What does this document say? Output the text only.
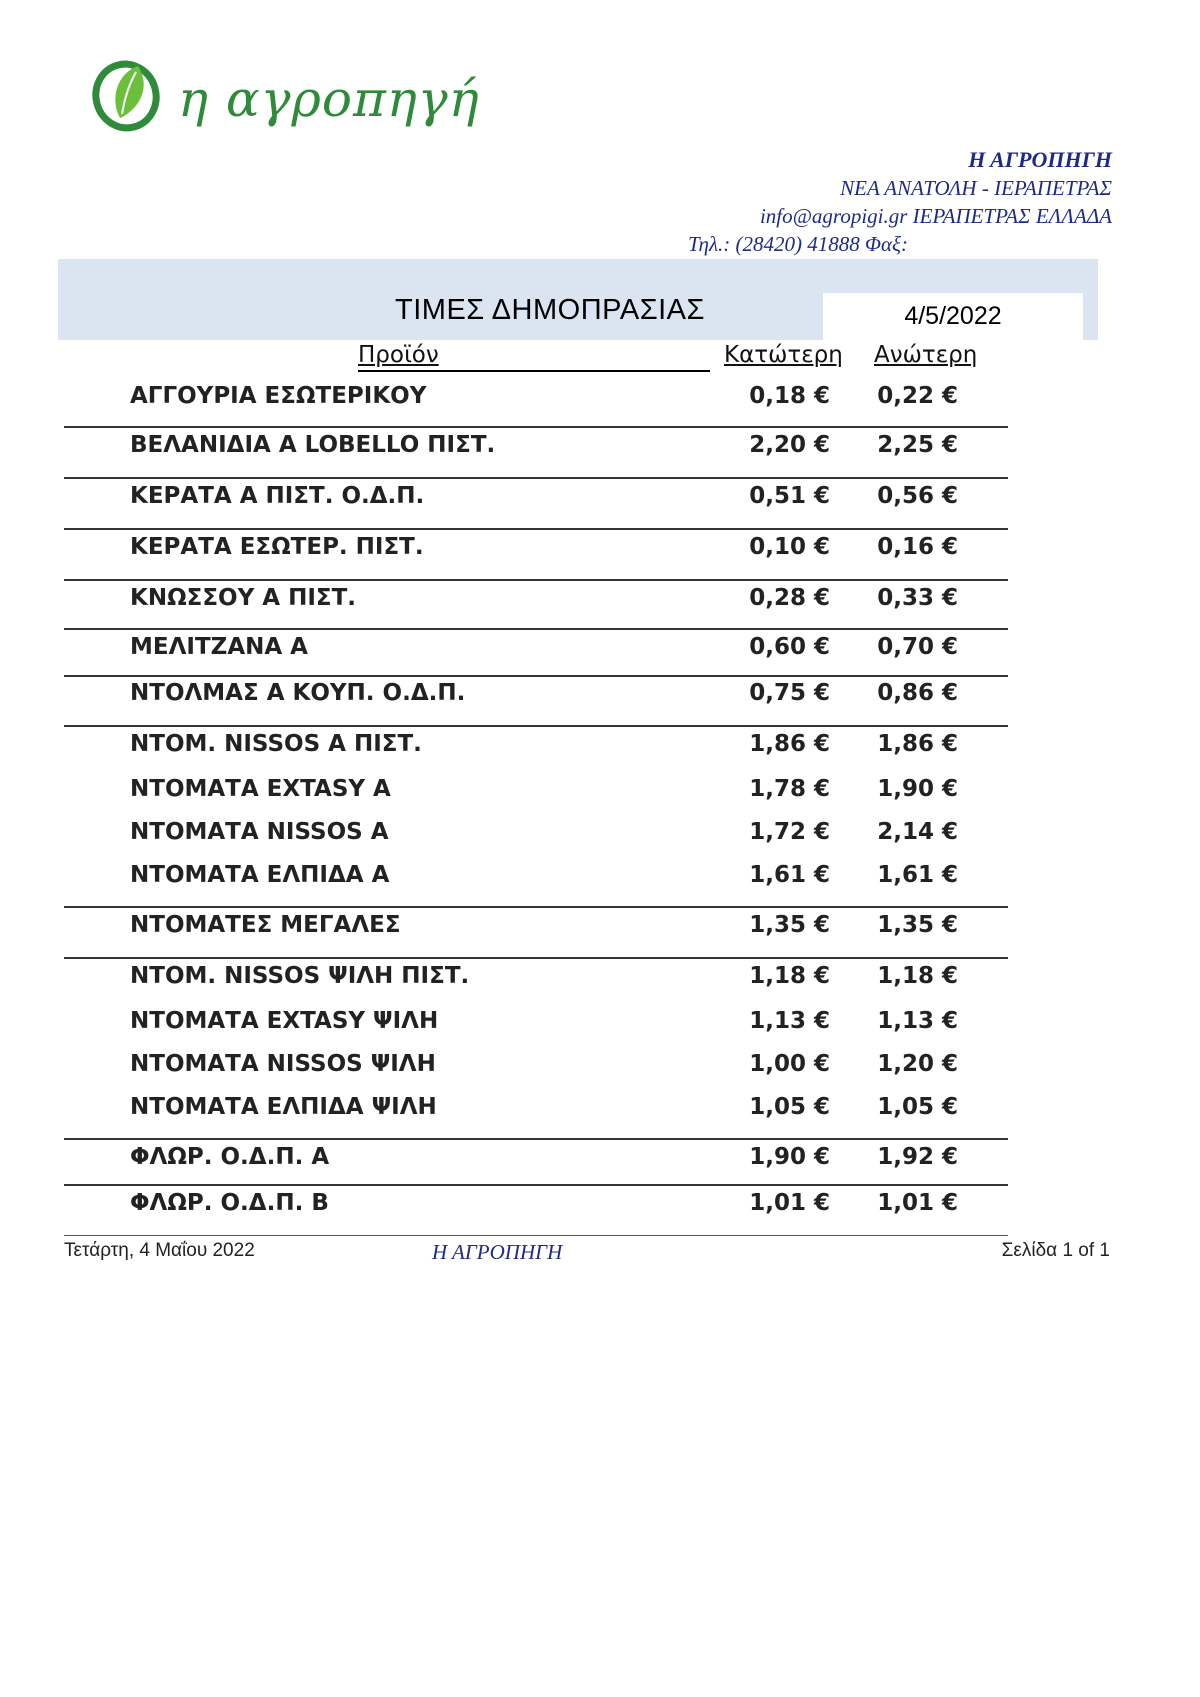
η αγροπηγή
Η ΑΓΡΟΠΗΓΗ
ΝΕΑ ΑΝΑΤΟΛΗ - ΙΕΡΑΠΕΤΡΑΣ
info@agropigi.gr ΙΕΡΑΠΕΤΡΑΣ ΕΛΛΑΔΑ
Τηλ.: (28420) 41888 Φαξ:
ΤΙΜΕΣ ΔΗΜΟΠΡΑΣΙΑΣ	4/5/2022
Προϊόν	Κατώτερη Ανώτερη
ΑΓΓΟΥΡΙΑ ΕΣΩΤΕΡΙΚΟΥ	0,18 €	0,22 €
ΒΕΛΑΝΙΔΙΑ Α LOBELLO ΠΙΣΤ.	2,20 €	2,25 €
ΚΕΡΑΤΑ Α ΠΙΣΤ. Ο.Δ.Π.	0,51 €	0,56 €
ΚΕΡΑΤΑ ΕΣΩΤΕΡ. ΠΙΣΤ.	0,10 €	0,16 €
ΚΝΩΣΣΟΥ Α ΠΙΣΤ.	0,28 €	0,33 €
ΜΕΛΙΤΖΑΝΑ Α	0,60 €	0,70 €
ΝΤΟΛΜΑΣ Α ΚΟΥΠ. Ο.Δ.Π.	0,75 €	0,86 €
ΝΤΟΜ. NISSOS Α ΠΙΣΤ.	1,86 €	1,86 €
ΝΤΟΜΑΤΑ EXTASY Α	1,78 €	1,90 €
ΝΤΟΜΑΤΑ NISSOS Α	1,72 €	2,14 €
ΝΤΟΜΑΤΑ ΕΛΠΙΔΑ Α	1,61 €	1,61 €
ΝΤΟΜΑΤΕΣ ΜΕΓΑΛΕΣ	1,35 €	1,35 €
ΝΤΟΜ. NISSOS ΨΙΛΗ ΠΙΣΤ.	1,18 €	1,18 €
ΝΤΟΜΑΤΑ EXTASY ΨΙΛΗ	1,13 €	1,13 €
ΝΤΟΜΑΤΑ NISSOS ΨΙΛΗ	1,00 €	1,20 €
ΝΤΟΜΑΤΑ ΕΛΠΙΔΑ ΨΙΛΗ	1,05 €	1,05 €
ΦΛΩΡ. Ο.Δ.Π. Α	1,90 €	1,92 €
ΦΛΩΡ. Ο.Δ.Π. Β	1,01 €	1,01 €
Τετάρτη, 4 Μαΐου 2022	Η ΑΓΡΟΠΗΓΗ	Σελίδα 1 of 1
